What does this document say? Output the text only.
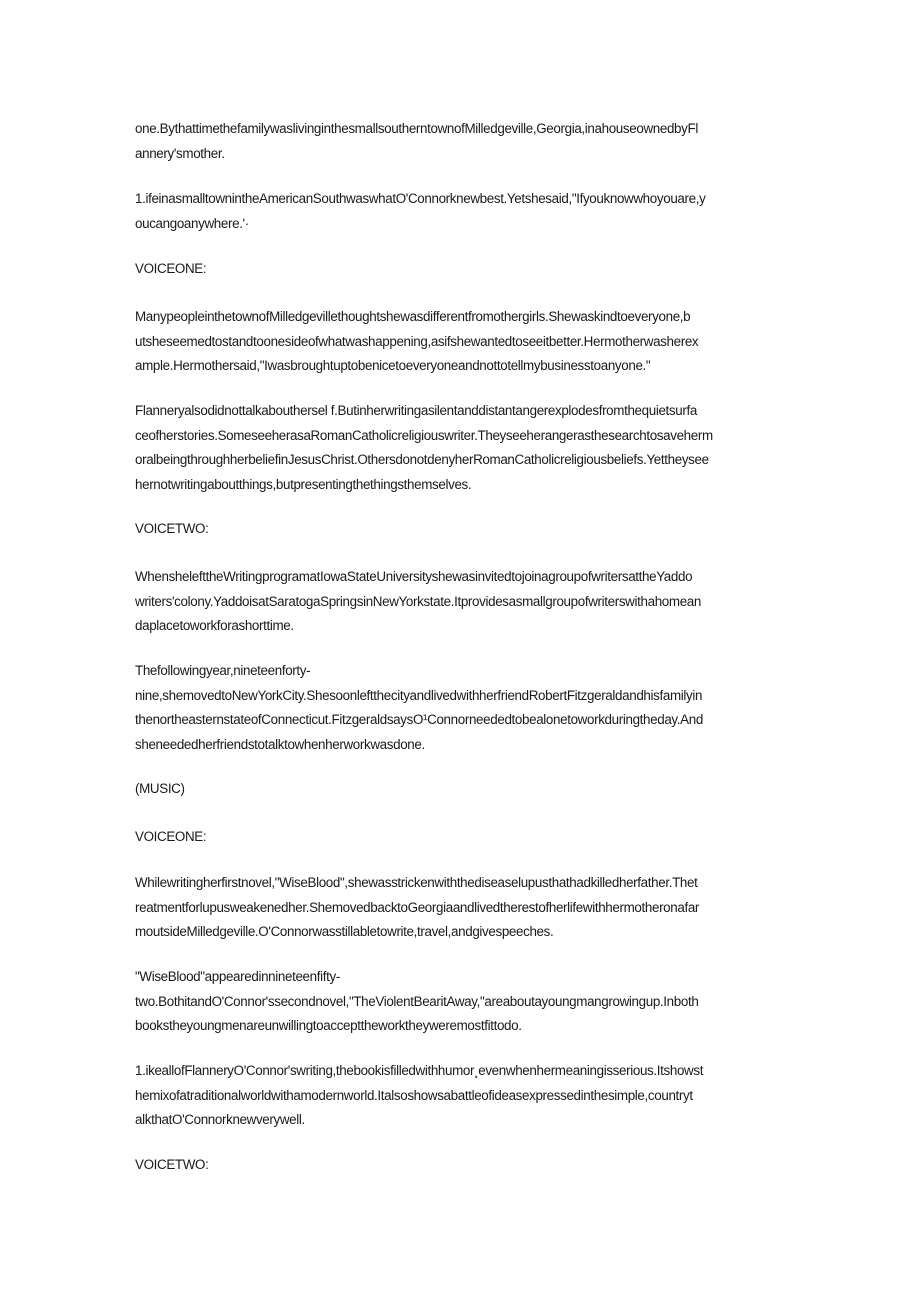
one.BythattimethefamilywaslivinginthesmallsoutherntownofMilledgeville,Georgia,inahouseownedbyFl
annery'smother.
1.ifeinasmalltownintheAmericanSouthwaswhatO'Connorknewbest.Yetshesaid,"Ifyouknowwhoyouare,y
oucangoanywhere.'·
VOICEONE:
ManypeopleinthetownofMilledgevillethoughtshewasdifferentfromothergirls.Shewaskindtoeveryone,b
utsheseemedtostandtoonesideofwhatwashappening,asifshewantedtoseeitbetter.Hermotherwasherex
ample.Hermothersaid,"Iwasbroughtuptobenicetoeveryoneandnottotellmybusinesstoanyone."
Flanneryalsodidnottalkabouthersel f.Butinherwritingasilentanddistantangerexplodesfromthequietsurfa
ceofherstories.SomeseeherasaRomanCatholicreligiouswriter.Theyseeherangerasthesearchtosaveherm
oralbeingthroughherbeliefinJesusChrist.OthersdonotdenyherRomanCatholicreligiousbeliefs.Yettheysee
hernotwritingaboutthings,butpresentingthethingsthemselves.
VOICETWO:
WhenshelefttheWritingprogramatIowaStateUniversityshewasinvitedtojoinagroupofwritersattheYaddo
writers'colony.YaddoisatSaratogaSpringsinNewYorkstate.Itprovidesasmallgroupofwriterswithahomean
daplacetoworkforashorttime.
Thefollowingyear,nineteenforty-
nine,shemovedtoNewYorkCity.ShesoonleftthecityandlivedwithherfriendRobertFitzgeraldandhisfamilyin
thenortheasternstateofConnecticut.FitzgeraldsaysO¹Connorneededtobealonetoworkduringtheday.And
sheneededherfriendstotalktowhenherworkwasdone.
(MUSIC)
VOICEONE:
Whilewritingherfirstnovel,"WiseBlood",shewasstrickenwiththediseaselupusthathadkilledherfather.Thet
reatmentforlupusweakenedher.ShemovedbacktoGeorgiaandlivedtherestofherlifewithhermotheronafar
moutsideMilledgeville.O'Connorwasstillabletowrite,travel,andgivespeeches.
"WiseBlood"appearedinnineteenfifty-
two.BothitandO'Connor'ssecondnovel,"TheViolentBearitAway,"areaboutayoungmangrowingup.Inboth
bookstheyoungmenareunwillingtoaccepttheworktheyweremostfittodo.
1.ikeallofFlanneryO'Connor'swriting,thebookisfilledwithhumor¸evenwhenhermeaningisserious.Itshowst
hemixofatraditionalworldwithamodernworld.Italsoshowsabattleofideasexpressedinthesimple,countryt
alkthatO'Connorknewverywell.
VOICETWO:
